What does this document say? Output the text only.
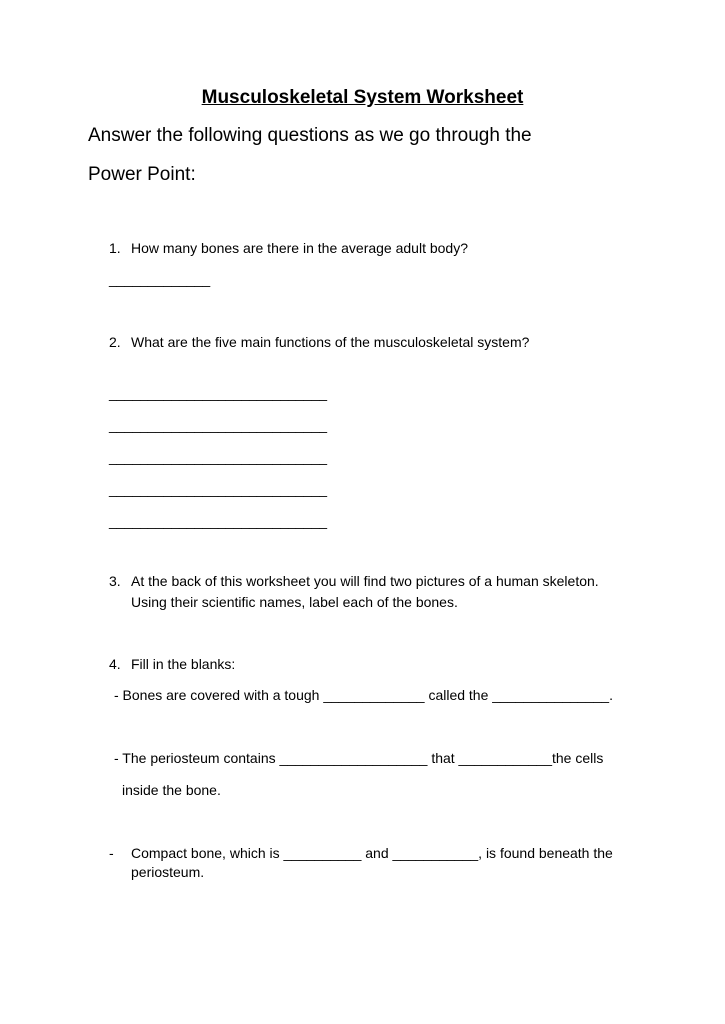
Musculoskeletal System Worksheet
Answer the following questions as we go through the
Power Point:
1. How many bones are there in the average adult body?
_____________
2. What are the five main functions of the musculoskeletal system?
____________________________
____________________________
____________________________
____________________________
____________________________
3. At the back of this worksheet you will find two pictures of a human skeleton.
Using their scientific names, label each of the bones.
4. Fill in the blanks:
- Bones are covered with a tough _____________ called the _______________.
- The periosteum contains ___________________ that ____________the cells
inside the bone.
- Compact bone, which is __________ and ___________, is found beneath the
periosteum.
